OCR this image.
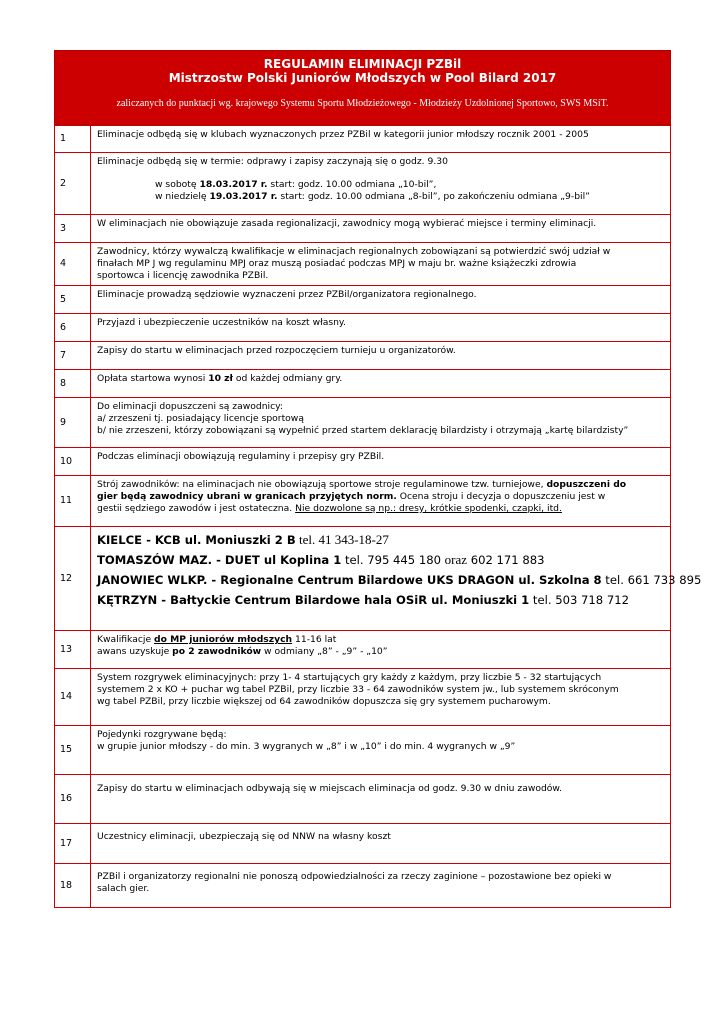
REGULAMIN ELIMINACJI PZBil
Mistrzostw Polski Juniorów Młodszych w Pool Bilard 2017
zaliczanych do punktacji wg. krajowego Systemu Sportu Młodzieżowego - Młodzieży Uzdolnionej Sportowo, SWS MSiT.
1	Eliminacje odbędą się w klubach wyznaczonych przez PZBil w kategorii junior młodszy rocznik 2001 - 2005

2	Eliminacje odbędą się w termie: odprawy i zapisy zaczynają się o godz. 9.30
w sobotę 18.03.2017 r. start: godz. 10.00 odmiana „10-bil”,
w niedzielę 19.03.2017 r. start: godz. 10.00 odmiana „8-bil”, po zakończeniu odmiana „9-bil”

3	W eliminacjach nie obowiązuje zasada regionalizacji, zawodnicy mogą wybierać miejsce i terminy eliminacji.

4	Zawodnicy, którzy wywalczą kwalifikacje w eliminacjach regionalnych zobowiązani są potwierdzić swój udział w
finałach MP J wg regulaminu MPJ oraz muszą posiadać podczas MPJ w maju br. ważne książeczki zdrowia
sportowca i licencję zawodnika PZBil.

5	Eliminacje prowadzą sędziowie wyznaczeni przez PZBil/organizatora regionalnego.

6	Przyjazd i ubezpieczenie uczestników na koszt własny.

7	Zapisy do startu w eliminacjach przed rozpoczęciem turnieju u organizatorów.

8	Opłata startowa wynosi 10 zł od każdej odmiany gry.

9	Do eliminacji dopuszczeni są zawodnicy:
a/ zrzeszeni tj. posiadający licencje sportową
b/ nie zrzeszeni, którzy zobowiązani są wypełnić przed startem deklarację bilardzisty i otrzymają „kartę bilardzisty”

10	Podczas eliminacji obowiązują regulaminy i przepisy gry PZBil.

11	Strój zawodników: na eliminacjach nie obowiązują sportowe stroje regulaminowe tzw. turniejowe, dopuszczeni do
gier będą zawodnicy ubrani w granicach przyjętych norm. Ocena stroju i decyzja o dopuszczeniu jest w
gestii sędziego zawodów i jest ostateczna. Nie dozwolone są np.: dresy, krótkie spodenki, czapki, itd.

12	KIELCE - KCB ul. Moniuszki 2 B tel. 41 343-18-27
TOMASZÓW MAZ. - DUET ul Koplina 1 tel. 795 445 180 oraz 602 171 883
JANOWIEC WLKP. - Regionalne Centrum Bilardowe UKS DRAGON ul. Szkolna 8 tel. 661 733 895
KĘTRZYN - Bałtyckie Centrum Bilardowe hala OSiR ul. Moniuszki 1 tel. 503 718 712

13	Kwalifikacje do MP juniorów młodszych 11-16 lat
awans uzyskuje po 2 zawodników w odmiany „8” - „9” - „10”

14	System rozgrywek eliminacyjnych: przy 1- 4 startujących gry każdy z każdym, przy liczbie 5 - 32 startujących
systemem 2 x KO + puchar wg tabel PZBil, przy liczbie 33 - 64 zawodników system jw., lub systemem skróconym
wg tabel PZBil, przy liczbie większej od 64 zawodników dopuszcza się gry systemem pucharowym.

15	Pojedynki rozgrywane będą:
w grupie junior młodszy - do min. 3 wygranych w „8” i w „10” i do min. 4 wygranych w „9”

16	Zapisy do startu w eliminacjach odbywają się w miejscach eliminacja od godz. 9.30 w dniu zawodów.

17	Uczestnicy eliminacji, ubezpieczają się od NNW na własny koszt

18	PZBil i organizatorzy regionalni nie ponoszą odpowiedzialności za rzeczy zaginione – pozostawione bez opieki w
salach gier.
